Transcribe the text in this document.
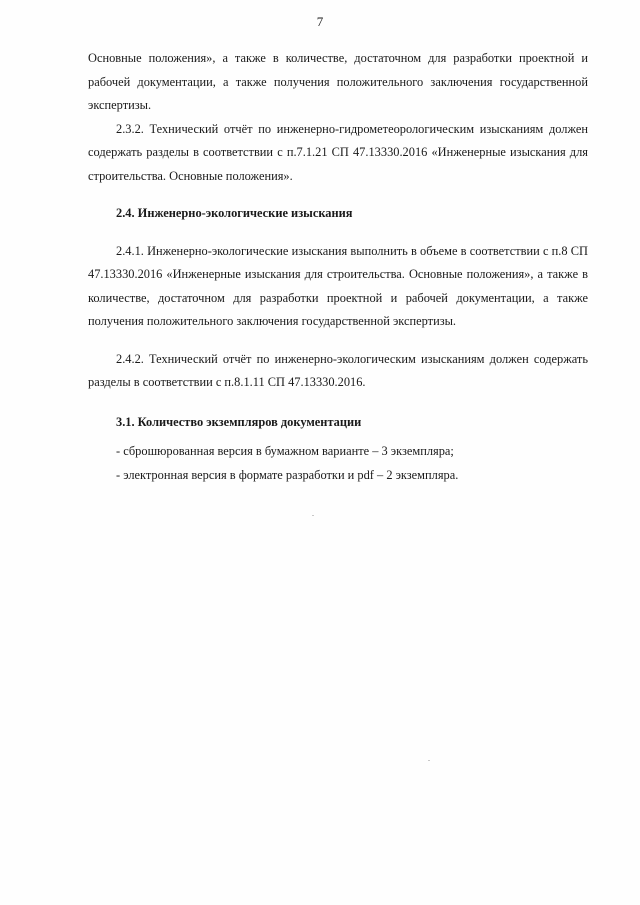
7

Основные положения», а также в количестве, достаточном для разработки проектной и рабочей документации, а также получения положительного заключения государственной экспертизы.

2.3.2. Технический отчёт по инженерно-гидрометеорологическим изысканиям должен содержать разделы в соответствии с п.7.1.21 СП 47.13330.2016 «Инженерные изыскания для строительства. Основные положения».

2.4. Инженерно-экологические изыскания

2.4.1. Инженерно-экологические изыскания выполнить в объеме в соответствии с п.8 СП 47.13330.2016 «Инженерные изыскания для строительства. Основные положения», а также в количестве, достаточном для разработки проектной и рабочей документации, а также получения положительного заключения государственной экспертизы.

2.4.2. Технический отчёт по инженерно-экологическим изысканиям должен содержать разделы в соответствии с п.8.1.11 СП 47.13330.2016.

3.1. Количество экземпляров документации

- сброшюрованная версия в бумажном варианте – 3 экземпляра;

- электронная версия в формате разработки и pdf – 2 экземпляра.
